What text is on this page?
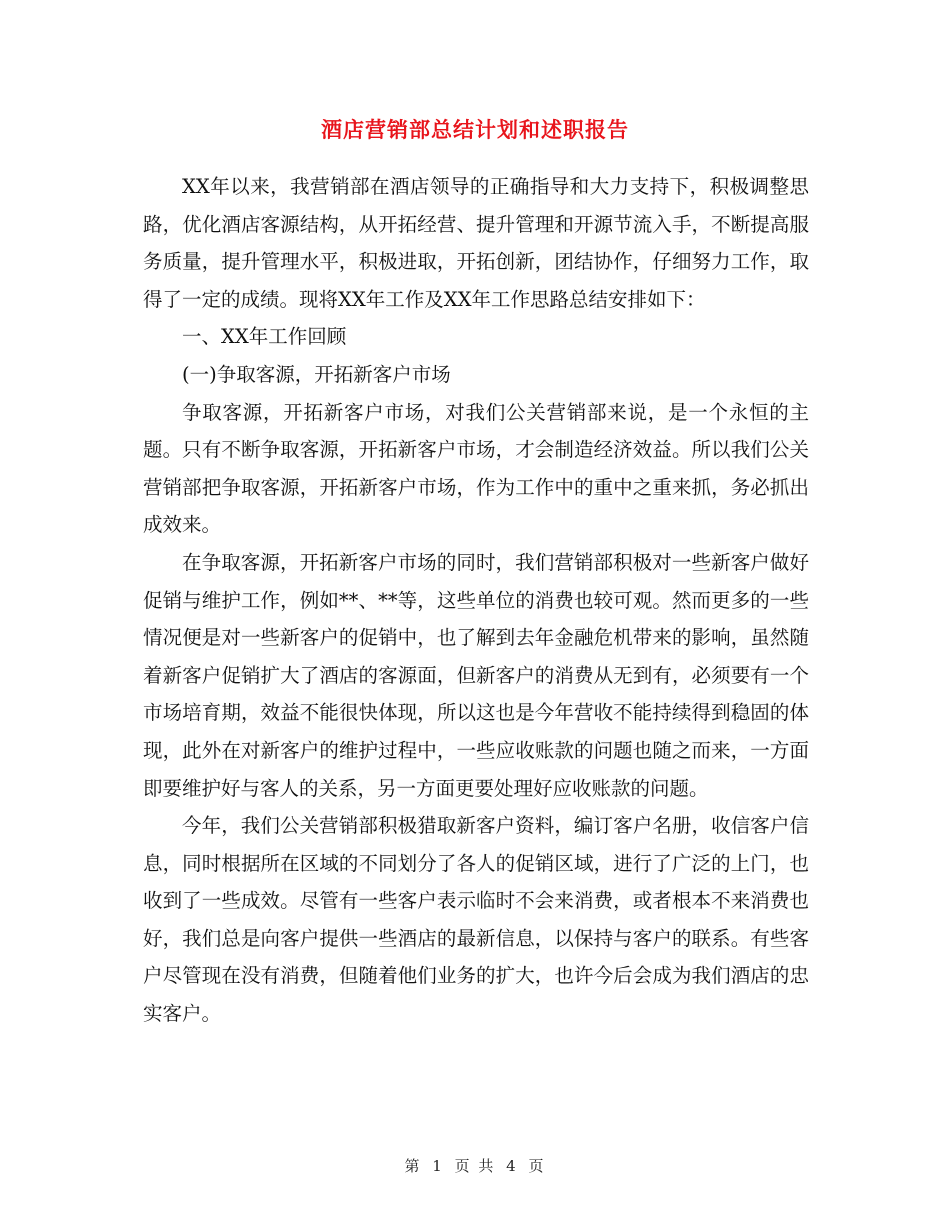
酒店营销部总结计划和述职报告

XX年以来，我营销部在酒店领导的正确指导和大力支持下，积极调整思路，优化酒店客源结构，从开拓经营、提升管理和开源节流入手，不断提高服务质量，提升管理水平，积极进取，开拓创新，团结协作，仔细努力工作，取得了一定的成绩。现将XX年工作及XX年工作思路总结安排如下：

一、XX年工作回顾

(一)争取客源，开拓新客户市场

争取客源，开拓新客户市场，对我们公关营销部来说，是一个永恒的主题。只有不断争取客源，开拓新客户市场，才会制造经济效益。所以我们公关营销部把争取客源，开拓新客户市场，作为工作中的重中之重来抓，务必抓出成效来。

在争取客源，开拓新客户市场的同时，我们营销部积极对一些新客户做好促销与维护工作，例如**、**等，这些单位的消费也较可观。然而更多的一些情况便是对一些新客户的促销中，也了解到去年金融危机带来的影响，虽然随着新客户促销扩大了酒店的客源面，但新客户的消费从无到有，必须要有一个市场培育期，效益不能很快体现，所以这也是今年营收不能持续得到稳固的体现，此外在对新客户的维护过程中，一些应收账款的问题也随之而来，一方面即要维护好与客人的关系，另一方面更要处理好应收账款的问题。

今年，我们公关营销部积极猎取新客户资料，编订客户名册，收信客户信息，同时根据所在区域的不同划分了各人的促销区域，进行了广泛的上门，也收到了一些成效。尽管有一些客户表示临时不会来消费，或者根本不来消费也好，我们总是向客户提供一些酒店的最新信息，以保持与客户的联系。有些客户尽管现在没有消费，但随着他们业务的扩大，也许今后会成为我们酒店的忠实客户。

第 1 页 共 4 页
